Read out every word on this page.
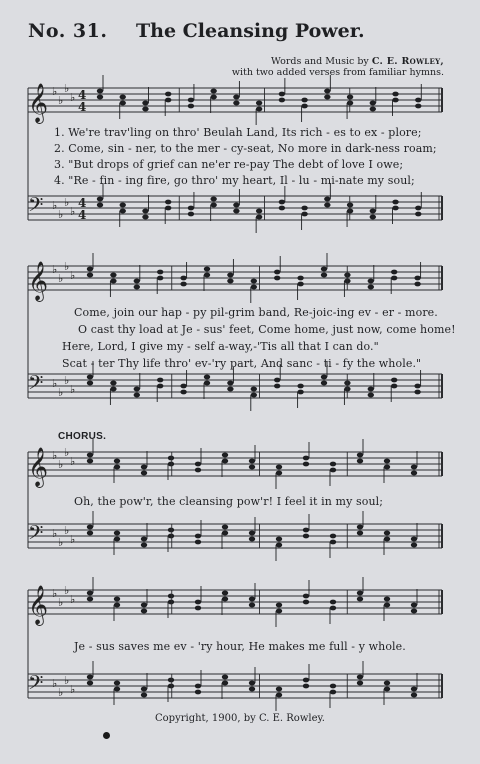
No. 31. The Cleansing Power.
Words and Music by C. E. Rowley,
with two added verses from familiar hymns.
𝄞 ♭
♭
♭
♭ 4
4
𝄢 ♭
♭
♭
♭
4
4
1. We're trav'ling on thro' Beulah Land, Its rich - es to ex - plore;
2. Come, sin - ner, to the mer - cy-seat, No more in dark-ness roam;
3. "But drops of grief can ne'er re-pay The debt of love I owe;
4. "Re - fin - ing fire, go thro' my heart, Il - lu - mi-nate my soul;
𝄞 ♭
♭
♭
♭
𝄢 ♭
♭
♭
♭
Come, join our hap - py pil-grim band, Re-joic-ing ev - er - more.
O cast thy load at Je - sus' feet, Come home, just now, come home!
Here, Lord, I give my - self a-way,-'Tis all that I can do."
Scat - ter Thy life thro' ev-'ry part, And sanc - ti - fy the whole."
CHORUS.
𝄞 ♭
♭
♭
♭
𝄢 ♭
♭
♭
♭
Oh, the pow'r, the cleansing pow'r! I feel it in my soul;
𝄞 ♭
♭
♭
♭
𝄢 ♭
♭
♭
♭
Je - sus saves me ev - 'ry hour, He makes me full - y whole.
Copyright, 1900, by C. E. Rowley.
